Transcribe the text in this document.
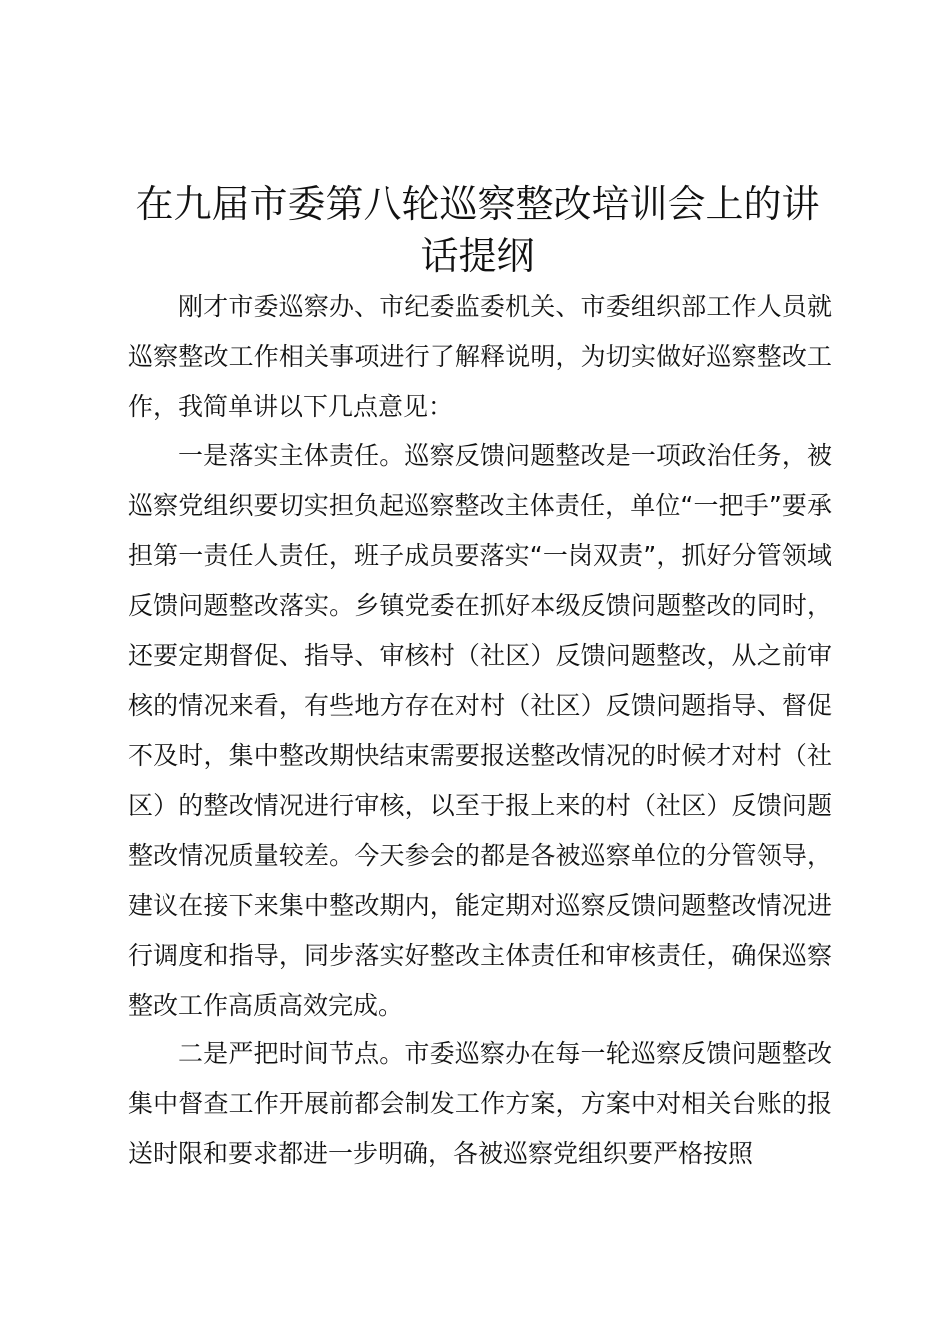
在九届市委第八轮巡察整改培训会上的讲话提纲

刚才市委巡察办、市纪委监委机关、市委组织部工作人员就巡察整改工作相关事项进行了解释说明，为切实做好巡察整改工作，我简单讲以下几点意见：

一是落实主体责任。巡察反馈问题整改是一项政治任务，被巡察党组织要切实担负起巡察整改主体责任，单位“一把手”要承担第一责任人责任，班子成员要落实“一岗双责”，抓好分管领域反馈问题整改落实。乡镇党委在抓好本级反馈问题整改的同时，还要定期督促、指导、审核村（社区）反馈问题整改，从之前审核的情况来看，有些地方存在对村（社区）反馈问题指导、督促不及时，集中整改期快结束需要报送整改情况的时候才对村（社区）的整改情况进行审核，以至于报上来的村（社区）反馈问题整改情况质量较差。今天参会的都是各被巡察单位的分管领导，建议在接下来集中整改期内，能定期对巡察反馈问题整改情况进行调度和指导，同步落实好整改主体责任和审核责任，确保巡察整改工作高质高效完成。

二是严把时间节点。市委巡察办在每一轮巡察反馈问题整改集中督查工作开展前都会制发工作方案，方案中对相关台账的报送时限和要求都进一步明确，各被巡察党组织要严格按照
